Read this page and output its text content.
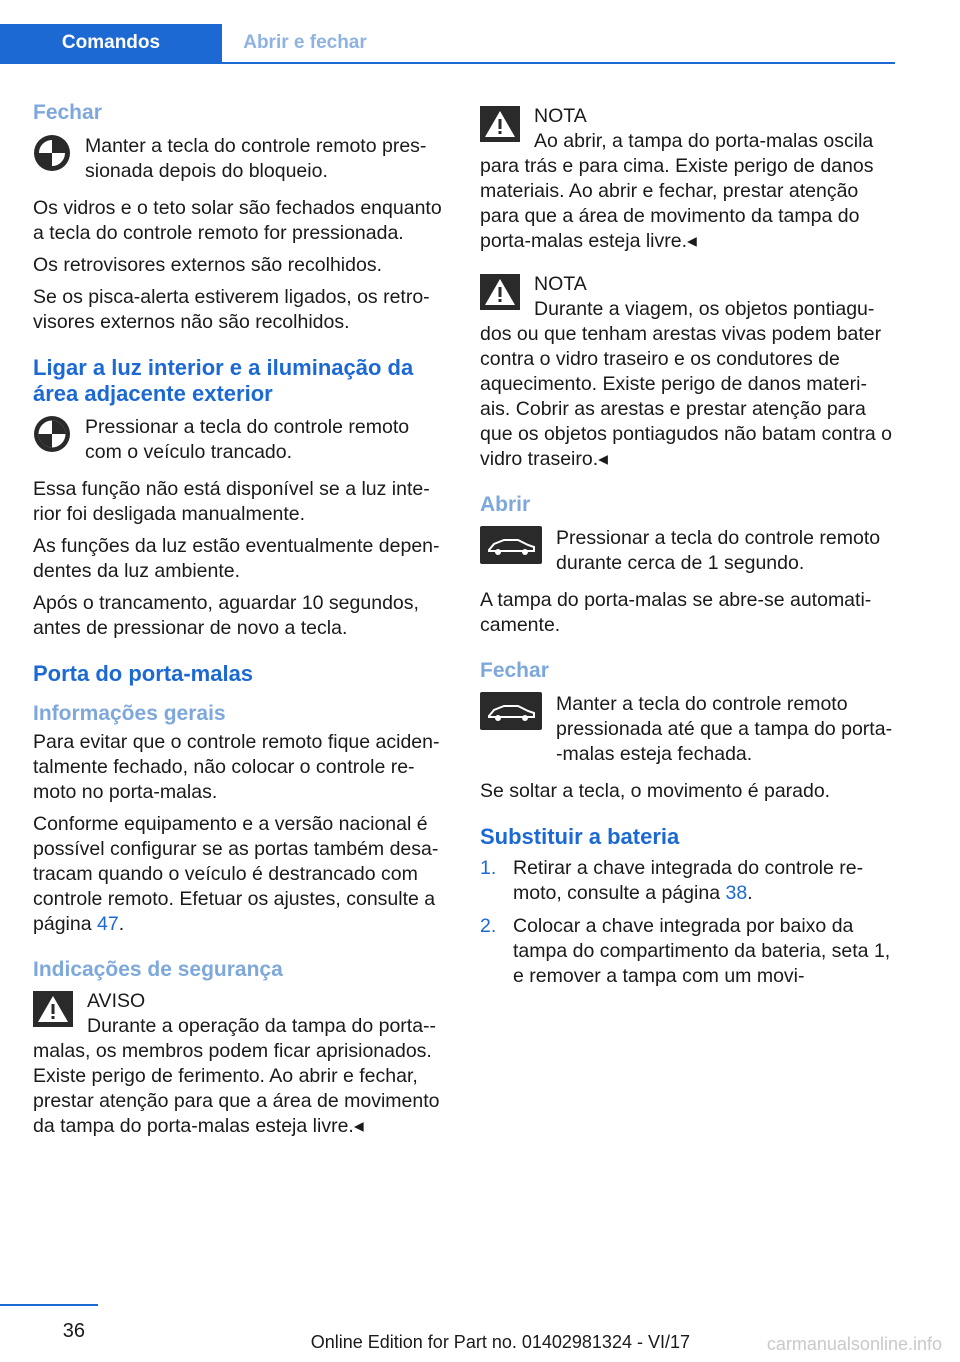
Comandos	Abrir e fechar
Fechar
Manter a tecla do controle remoto pres-sionada depois do bloqueio.

Os vidros e o teto solar são fechados enquanto a tecla do controle remoto for pressionada.

Os retrovisores externos são recolhidos.

Se os pisca-alerta estiverem ligados, os retro-visores externos não são recolhidos.

Ligar a luz interior e a iluminação da área adjacente exterior
Pressionar a tecla do controle remoto com o veículo trancado.

Essa função não está disponível se a luz inte-rior foi desligada manualmente.

As funções da luz estão eventualmente depen-dentes da luz ambiente.

Após o trancamento, aguardar 10 segundos, antes de pressionar de novo a tecla.

Porta do porta-malas
Informações gerais

Para evitar que o controle remoto fique aciden-talmente fechado, não colocar o controle re-moto no porta-malas.

Conforme equipamento e a versão nacional é possível configurar se as portas também desa-tracam quando o veículo é destrancado com controle remoto. Efetuar os ajustes, consulte a página 47.

Indicações de segurança
AVISO
Durante a operação da tampa do porta--malas, os membros podem ficar aprisionados. Existe perigo de ferimento. Ao abrir e fechar, prestar atenção para que a área de movimento da tampa do porta-malas esteja livre.◂
NOTA
Ao abrir, a tampa do porta-malas oscila para trás e para cima. Existe perigo de danos materiais. Ao abrir e fechar, prestar atenção para que a área de movimento da tampa do porta-malas esteja livre.◂
NOTA
Durante a viagem, os objetos pontiagu-dos ou que tenham arestas vivas podem bater contra o vidro traseiro e os condutores de aquecimento. Existe perigo de danos materi-ais. Cobrir as arestas e prestar atenção para que os objetos pontiagudos não batam contra o vidro traseiro.◂
Abrir
Pressionar a tecla do controle remoto durante cerca de 1 segundo.

A tampa do porta-malas se abre-se automati-camente.

Fechar
Manter a tecla do controle remoto pressionada até que a tampa do porta--malas esteja fechada.

Se soltar a tecla, o movimento é parado.

Substituir a bateria
1. Retirar a chave integrada do controle re-moto, consulte a página 38.
2. Colocar a chave integrada por baixo da tampa do compartimento da bateria, seta 1, e remover a tampa com um movi-
36	Online Edition for Part no. 01402981324 - VI/17	carmanualsonline.info
